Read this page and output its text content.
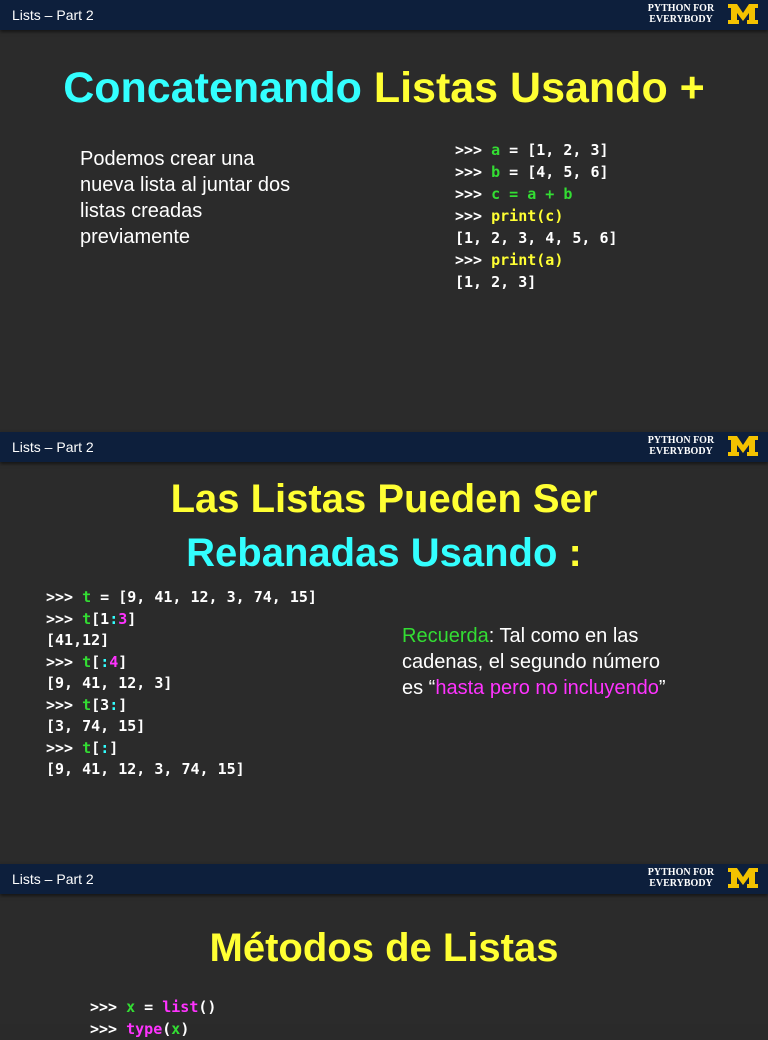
Lists – Part 2	PYTHON FOR
EVERYBODY
Concatenando Listas Usando +
Podemos crear una
nueva lista al juntar dos
listas creadas
previamente
>>> a = [1, 2, 3]
>>> b = [4, 5, 6]
>>> c = a + b
>>> print(c)
[1, 2, 3, 4, 5, 6]
>>> print(a)
[1, 2, 3]
Lists – Part 2	PYTHON FOR
EVERYBODY
Las Listas Pueden Ser
Rebanadas Usando :
>>> t = [9, 41, 12, 3, 74, 15]
>>> t[1:3]
[41,12]
>>> t[:4]
[9, 41, 12, 3]
>>> t[3:]
[3, 74, 15]
>>> t[:]
[9, 41, 12, 3, 74, 15]
Recuerda: Tal como en las cadenas, el segundo número es “hasta pero no incluyendo”
Lists – Part 2	PYTHON FOR
EVERYBODY
Métodos de Listas
>>> x = list()
>>> type(x)
